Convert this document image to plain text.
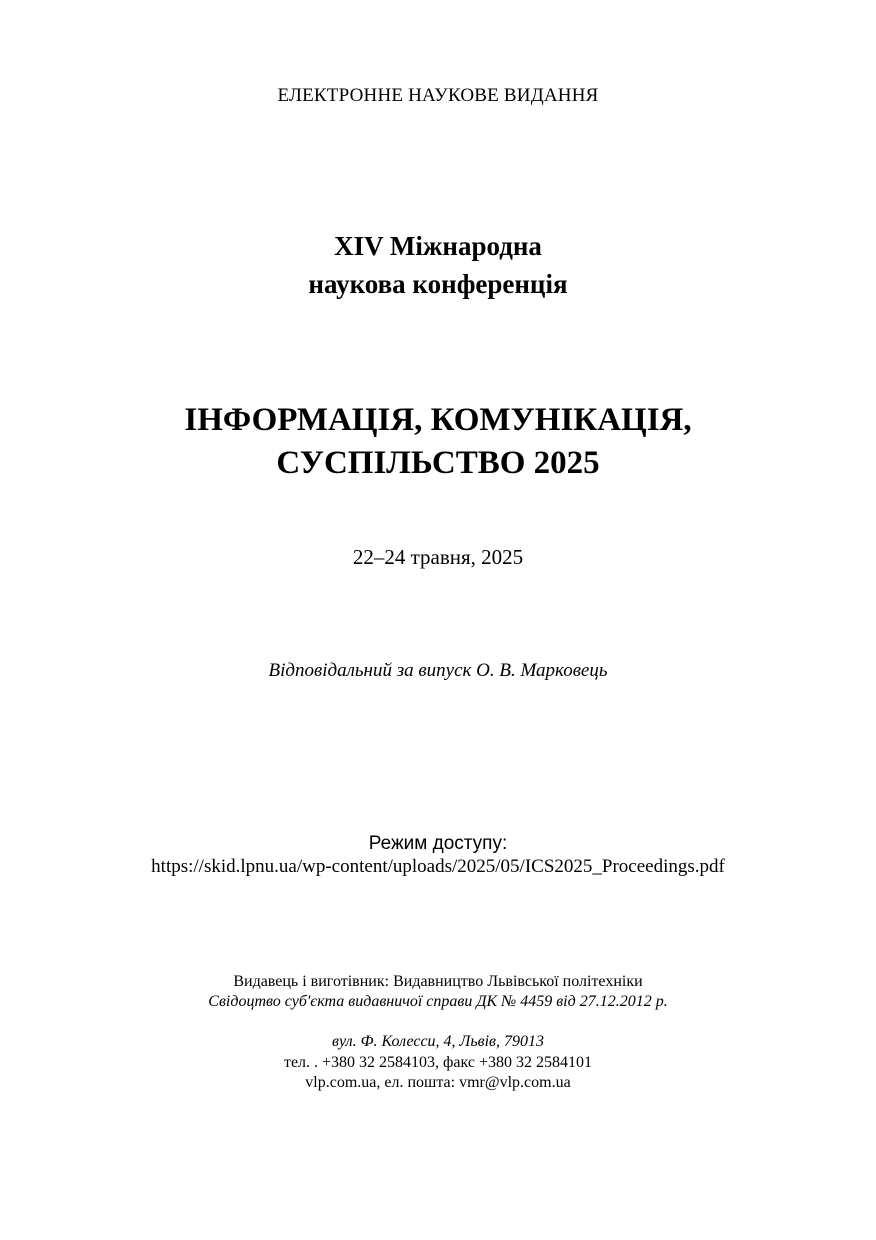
ЕЛЕКТРОННЕ НАУКОВЕ ВИДАННЯ

XIV Міжнародна

наукова конференція

ІНФОРМАЦІЯ, КОМУНІКАЦІЯ,
СУСПІЛЬСТВО 2025

22–24 травня, 2025

Відповідальний за випуск О. В. Марковець

Режим доступу:

https://skid.lpnu.ua/wp-content/uploads/2025/05/ICS2025_Proceedings.pdf

Видавець і виготівник: Видавництво Львівської політехніки

Свідоцтво суб'єкта видавничої справи ДК № 4459 від 27.12.2012 р.

вул. Ф. Колесси, 4, Львів, 79013

тел. . +380 32 2584103, факс +380 32 2584101

vlp.com.ua, ел. пошта: vmr@vlp.com.ua
